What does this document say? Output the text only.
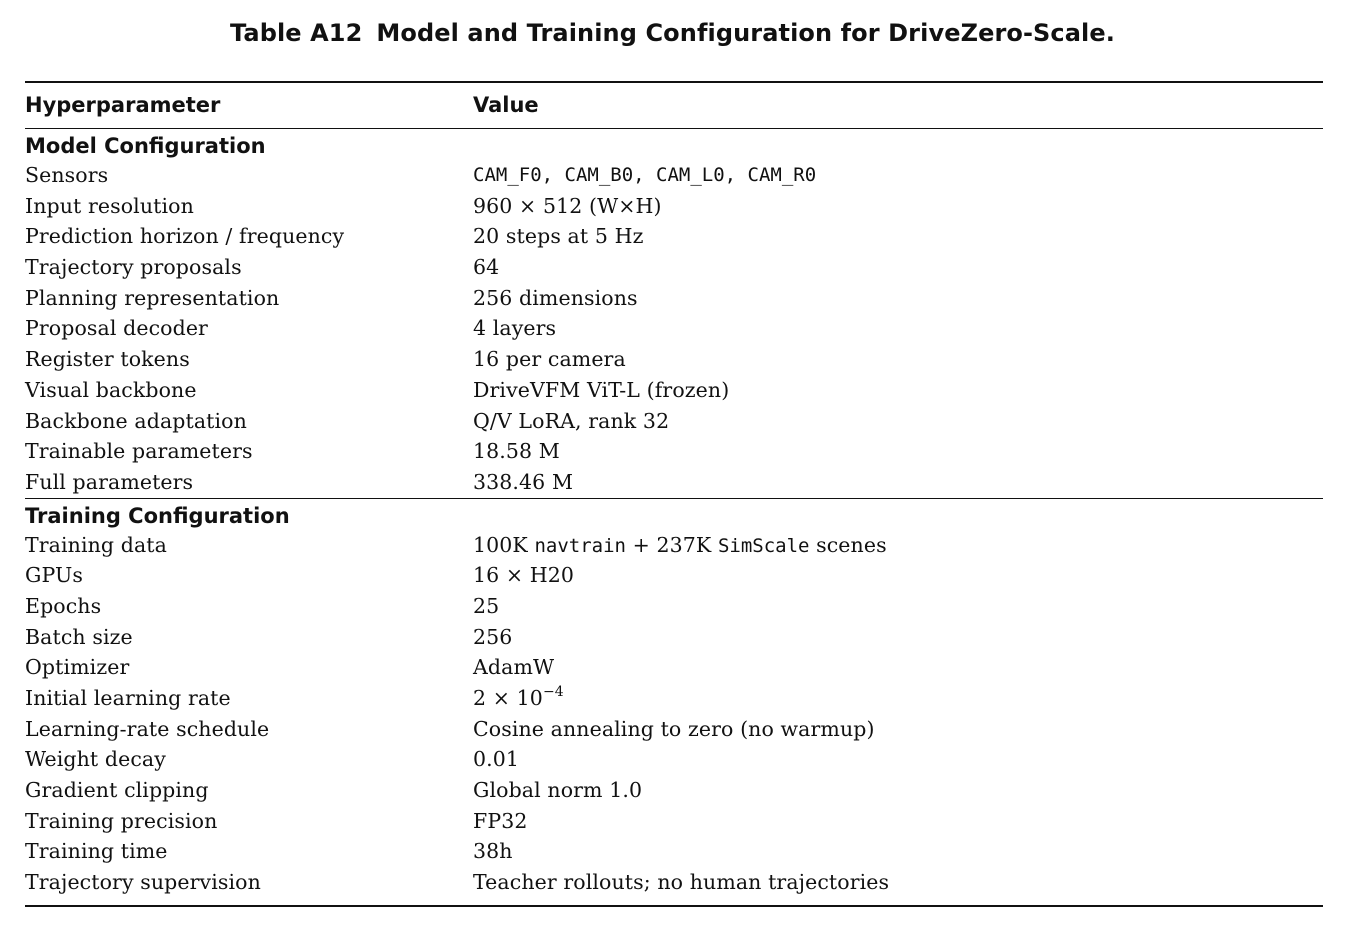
Table A12 Model and Training Configuration for DriveZero-Scale.
Hyperparameter	Value
Model Configuration
Sensors	CAM_F0, CAM_B0, CAM_L0, CAM_R0
Input resolution	960 × 512 (W×H)
Prediction horizon / frequency	20 steps at 5 Hz
Trajectory proposals	64
Planning representation	256 dimensions
Proposal decoder	4 layers
Register tokens	16 per camera
Visual backbone	DriveVFM ViT-L (frozen)
Backbone adaptation	Q/V LoRA, rank 32
Trainable parameters	18.58 M
Full parameters	338.46 M
Training Configuration
Training data	100K navtrain + 237K SimScale scenes
GPUs	16 × H20
Epochs	25
Batch size	256
Optimizer	AdamW
Initial learning rate	$2 \times 10^{-4}$
Learning-rate schedule	Cosine annealing to zero (no warmup)
Weight decay	0.01
Gradient clipping	Global norm 1.0
Training precision	FP32
Training time	38h
Trajectory supervision	Teacher rollouts; no human trajectories
